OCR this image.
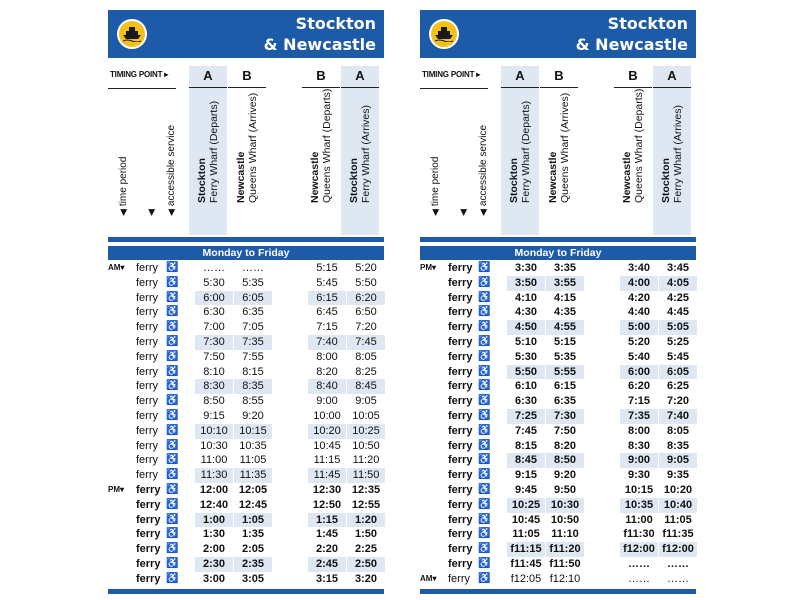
Stockton
& Newcastle
TIMING POINT ▸
◀time period
◀ ◀accessible service
A
Stockton Ferry Wharf (Departs)
B
Newcastle Queens Wharf (Arrives)
B
Newcastle Queens Wharf (Departs)
A
Stockton Ferry Wharf (Arrives)
Monday to Friday
AM▾ ferry ♿	……	……	5:15	5:20
ferry ♿	5:30	5:35	5:45	5:50
ferry ♿	6:00	6:05	6:15	6:20
ferry ♿	6:30	6:35	6:45	6:50
ferry ♿	7:00	7:05	7:15	7:20
ferry ♿	7:30	7:35	7:40	7:45
ferry ♿	7:50	7:55	8:00	8:05
ferry ♿	8:10	8:15	8:20	8:25
ferry ♿	8:30	8:35	8:40	8:45
ferry ♿	8:50	8:55	9:00	9:05
ferry ♿	9:15	9:20	10:00	10:05
ferry ♿	10:10	10:15	10:20	10:25
ferry ♿	10:30	10:35	10:45	10:50
ferry ♿	11:00	11:05	11:15	11:20
ferry ♿	11:30	11:35	11:45	11:50
PM▾ ferry ♿	12:00 12:05	12:30 12:35
ferry ♿	12:40 12:45	12:50 12:55
ferry ♿	1:00	1:05	1:15	1:20
ferry ♿	1:30	1:35	1:45	1:50
ferry ♿	2:00	2:05	2:20	2:25
ferry ♿	2:30	2:35	2:45	2:50
ferry ♿	3:00	3:05	3:15	3:20
Stockton
& Newcastle
TIMING POINT ▸
◀time period
◀ ◀accessible service
A
Stockton Ferry Wharf (Departs)
B
Newcastle Queens Wharf (Arrives)
B
Newcastle Queens Wharf (Departs)
A
Stockton Ferry Wharf (Arrives)
Monday to Friday
PM▾ ferry ♿	3:30	3:35	3:40	3:45
ferry ♿	3:50	3:55	4:00	4:05
ferry ♿	4:10	4:15	4:20	4:25
ferry ♿	4:30	4:35	4:40	4:45
ferry ♿	4:50	4:55	5:00	5:05
ferry ♿	5:10	5:15	5:20	5:25
ferry ♿	5:30	5:35	5:40	5:45
ferry ♿	5:50	5:55	6:00	6:05
ferry ♿	6:10	6:15	6:20	6:25
ferry ♿	6:30	6:35	7:15	7:20
ferry ♿	7:25	7:30	7:35	7:40
ferry ♿	7:45	7:50	8:00	8:05
ferry ♿	8:15	8:20	8:30	8:35
ferry ♿	8:45	8:50	9:00	9:05
ferry ♿	9:15	9:20	9:30	9:35
ferry ♿	9:45	9:50	10:15 10:20
ferry ♿	10:25 10:30	10:35 10:40
ferry ♿	10:45 10:50	11:00	11:05
ferry ♿	11:05	11:10	f11:30 f11:35
ferry ♿	f11:15 f11:20	f12:00 f12:00
ferry ♿	f11:45 f11:50	……	……
AM▾ ferry ♿	f12:05 f12:10	……	……
